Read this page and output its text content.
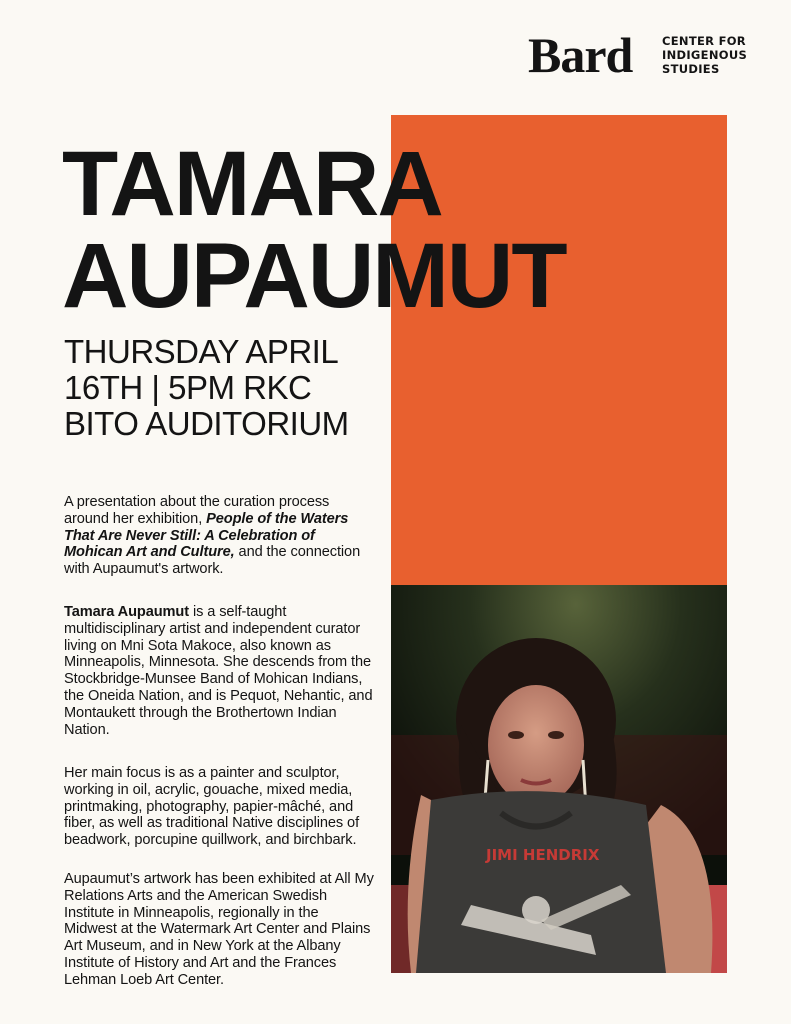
Bard	CENTER FOR
INDIGENOUS
STUDIES
JIMI HENDRIX
TAMARA
AUPAUMUT
THURSDAY APRIL 16TH | 5PM RKC BITO AUDITORIUM

A presentation about the curation process around her exhibition, People of the Waters That Are Never Still: A Celebration of Mohican Art and Culture, and the connection with Aupaumut's artwork.

Tamara Aupaumut is a self-taught multidisciplinary artist and independent curator living on Mni Sota Makoce, also known as Minneapolis, Minnesota. She descends from the Stockbridge-Munsee Band of Mohican Indians, the Oneida Nation, and is Pequot, Nehantic, and Montaukett through the Brothertown Indian Nation.

Her main focus is as a painter and sculptor, working in oil, acrylic, gouache, mixed media, printmaking, photography, papier-mâché, and fiber, as well as traditional Native disciplines of beadwork, porcupine quillwork, and birchbark.

Aupaumut’s artwork has been exhibited at All My Relations Arts and the American Swedish Institute in Minneapolis, regionally in the Midwest at the Watermark Art Center and Plains Art Museum, and in New York at the Albany Institute of History and Art and the Frances Lehman Loeb Art Center.
